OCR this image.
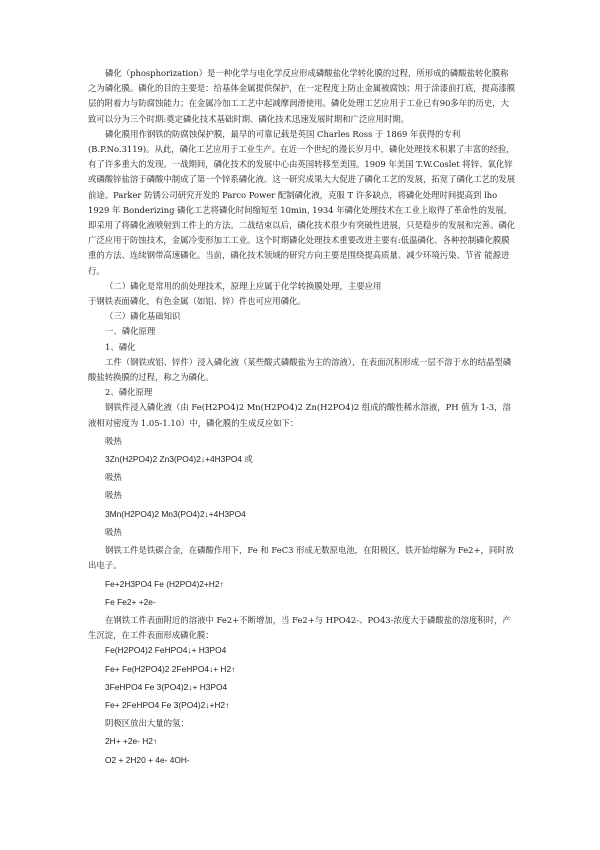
磷化（phosphorization）是一种化学与电化学反应形成磷酸盐化学转化膜的过程，所形成的磷酸盐转化膜称之为磷化膜。磷化的目的主要是：给基体金属提供保护，在一定程度上防止金属被腐蚀；用于涂漆前打底，提高漆膜层的附着力与防腐蚀能力；在金属冷加工工艺中起减摩润滑使用。磷化处理工艺应用于工业已有90多年的历史，大致可以分为三个时期:奠定磷化技术基础时期、磷化技术迅速发展时期和广泛应用时期。

磷化膜用作钢铁的防腐蚀保护膜，最早的可靠记载是英国 Charles Ross 于 1869 年获得的专利(B.P.No.3119)。从此，磷化工艺应用于工业生产。在近一个世纪的漫长岁月中，磷化处理技术积累了丰富的经验，有了许多重大的发现。一战期间，磷化技术的发展中心由英国转移至美国。1909 年美国 T.W.Coslet 将锌、氧化锌或磷酸锌盐溶于磷酸中制成了第一个锌系磷化液。这一研究成果大大促进了磷化工艺的发展，拓宽了磷化工艺的发展前途。Parker 防锈公司研究开发的 Parco Power 配制磷化液，克服 T 许多缺点，将磷化处理时间提高到 lho 1929 年 Bonderizing 磷化工艺将磷化时间缩短至 10min, 1934 年磷化处理技术在工业上取得了革命性的发展，即采用了将磷化液喷射到工件上的方法。二战结束以后，磷化技术很少有突破性进展，只是稳步的发展和完善。磷化广泛应用于防蚀技术，金属冷变形加工工业。这个时期磷化处理技术重要改进主要有:低温磷化、各种控制磷化膜膜重的方法、连续钢带高速磷化。当前，磷化技术领域的研究方向主要是围绕提高质量、减少环境污染、节省 能源进行。

（二）磷化是常用的前处理技术，原理上应属于化学转换膜处理，主要应用

于钢铁表面磷化，有色金属（如铝、锌）件也可应用磷化。

（三）磷化基础知识

一、磷化原理

1、磷化

工件（钢铁或铝、锌件）浸入磷化液（某些酸式磷酸盐为主的溶液），在表面沉积形成一层不溶于水的结晶型磷酸盐转换膜的过程，称之为磷化。

2、磷化原理

钢铁件浸入磷化液（由 Fe(H2PO4)2 Mn(H2PO4)2 Zn(H2PO4)2 组成的酸性稀水溶液，PH 值为 1-3，溶液相对密度为 1.05-1.10）中，磷化膜的生成反应如下：

吸热

3Zn(H2PO4)2 Zn3(PO4)2↓+4H3PO4 或

吸热

吸热

3Mn(H2PO4)2 Mn3(PO4)2↓+4H3PO4

吸热

钢铁工件是铁碳合金，在磷酸作用下，Fe 和 FeC3 形成无数原电池，在阳极区，铁开始熔解为 Fe2+，同时放出电子。

Fe+2H3PO4 Fe (H2PO4)2+H2↑

Fe Fe2+ +2e-

在钢铁工件表面附近的溶液中 Fe2+不断增加，当 Fe2+与 HPO42-、PO43-浓度大于磷酸盐的溶度积时，产生沉淀，在工件表面形成磷化膜：

Fe(H2PO4)2 FeHPO4↓+ H3PO4

Fe+ Fe(H2PO4)2 2FeHPO4↓+ H2↑

3FeHPO4 Fe 3(PO4)2↓+ H3PO4

Fe+ 2FeHPO4 Fe 3(PO4)2↓+H2↑

阴极区放出大量的氢：

2H+ +2e- H2↑

O2 + 2H20 + 4e- 4OH-
